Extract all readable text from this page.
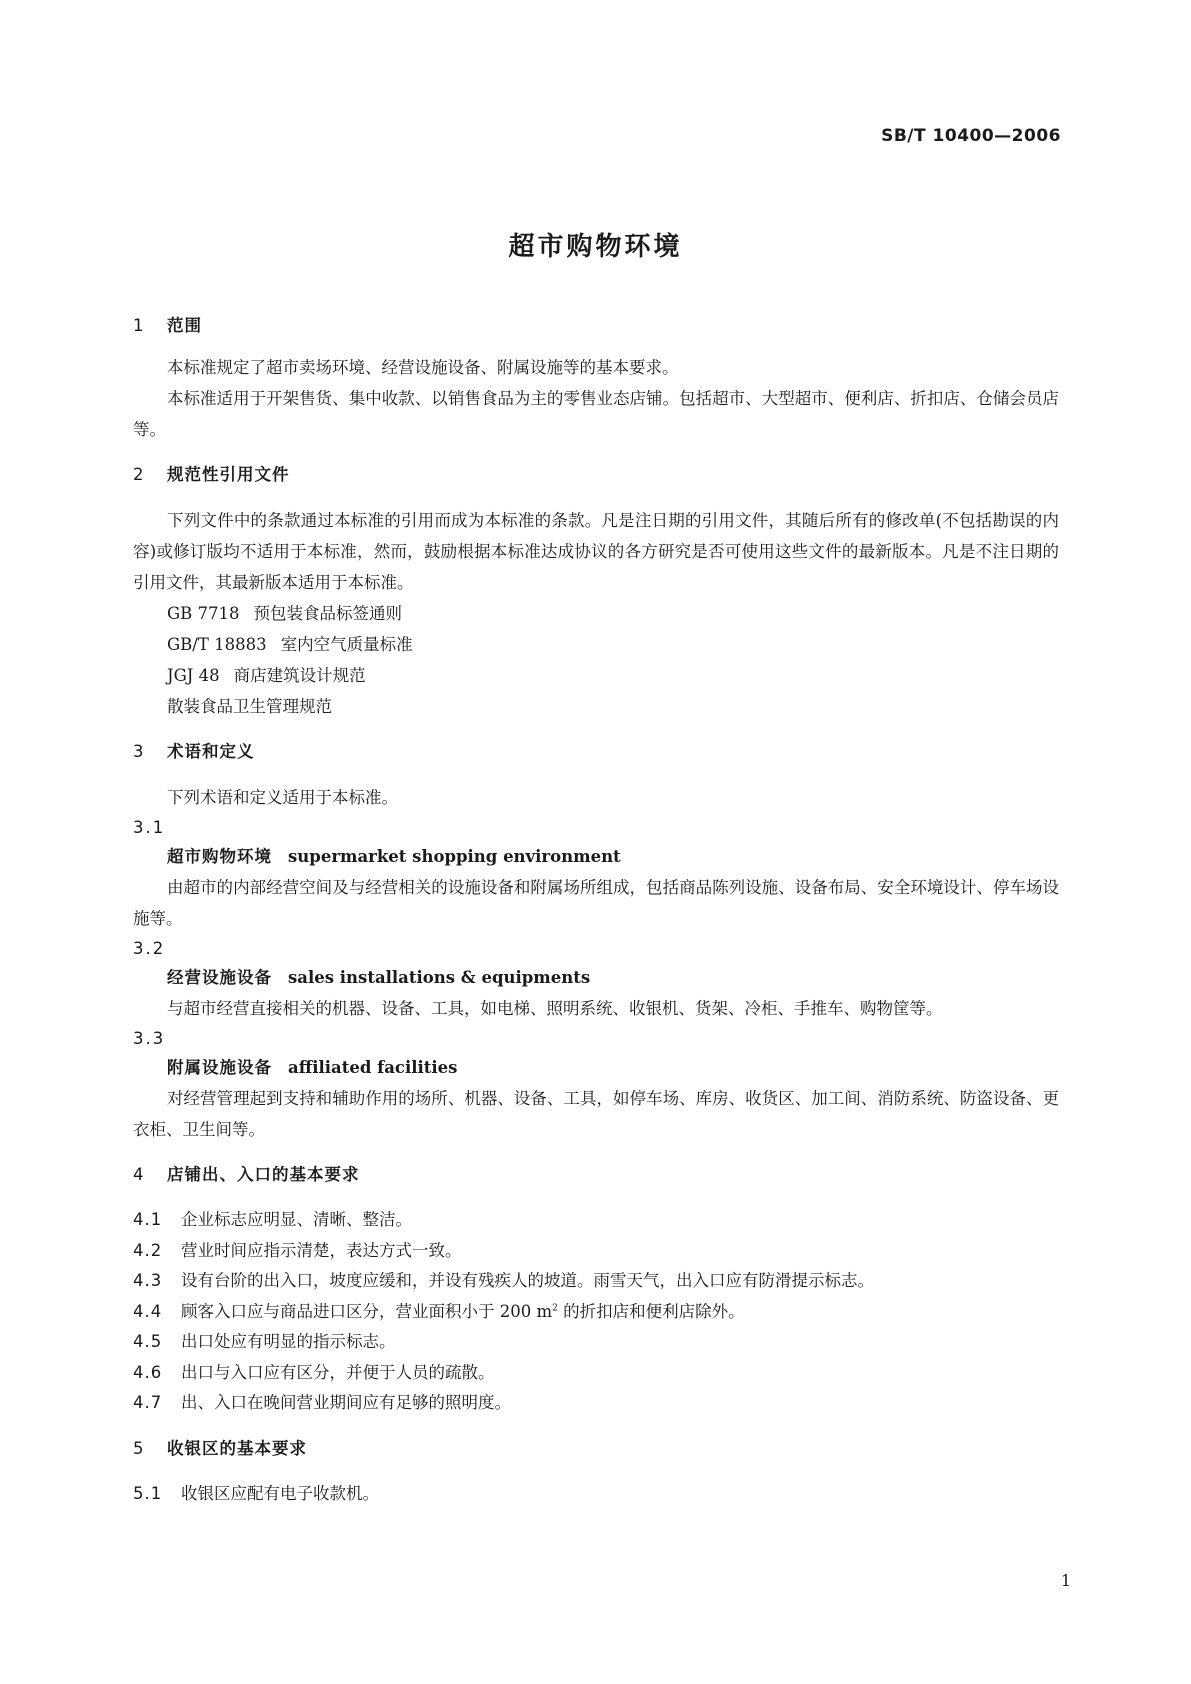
SB/T 10400—2006
超市购物环境
1 范围
本标准规定了超市卖场环境、经营设施设备、附属设施等的基本要求。
本标准适用于开架售货、集中收款、以销售食品为主的零售业态店铺。包括超市、大型超市、便利店、折扣店、仓储会员店等。
2 规范性引用文件
下列文件中的条款通过本标准的引用而成为本标准的条款。凡是注日期的引用文件，其随后所有的修改单(不包括勘误的内容)或修订版均不适用于本标准，然而，鼓励根据本标准达成协议的各方研究是否可使用这些文件的最新版本。凡是不注日期的引用文件，其最新版本适用于本标准。
GB 7718 预包装食品标签通则
GB/T 18883 室内空气质量标准
JGJ 48 商店建筑设计规范
散装食品卫生管理规范
3 术语和定义
下列术语和定义适用于本标准。
3.1
超市购物环境 supermarket shopping environment
由超市的内部经营空间及与经营相关的设施设备和附属场所组成，包括商品陈列设施、设备布局、安全环境设计、停车场设施等。
3.2
经营设施设备 sales installations & equipments
与超市经营直接相关的机器、设备、工具，如电梯、照明系统、收银机、货架、冷柜、手推车、购物筐等。
3.3
附属设施设备 affiliated facilities
对经营管理起到支持和辅助作用的场所、机器、设备、工具，如停车场、库房、收货区、加工间、消防系统、防盗设备、更衣柜、卫生间等。
4 店铺出、入口的基本要求
4.1 企业标志应明显、清晰、整洁。
4.2 营业时间应指示清楚，表达方式一致。
4.3 设有台阶的出入口，坡度应缓和，并设有残疾人的坡道。雨雪天气，出入口应有防滑提示标志。
4.4 顾客入口应与商品进口区分，营业面积小于 200 $m^2$ 的折扣店和便利店除外。
4.5 出口处应有明显的指示标志。
4.6 出口与入口应有区分，并便于人员的疏散。
4.7 出、入口在晚间营业期间应有足够的照明度。
5 收银区的基本要求
5.1 收银区应配有电子收款机。
1
